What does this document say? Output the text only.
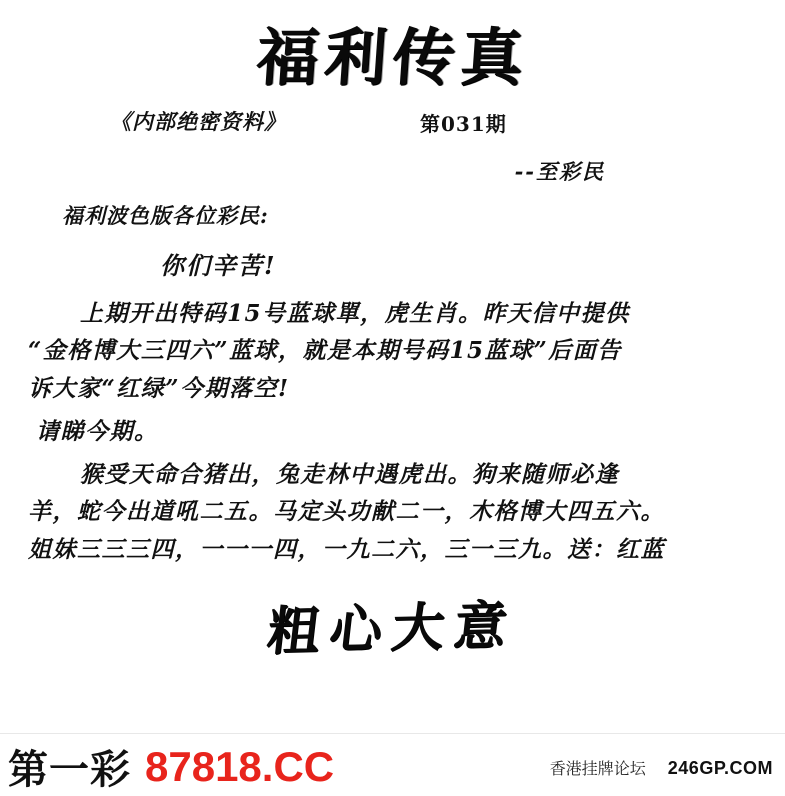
福利传真
《内部绝密资料》	第031期
--至彩民
福利波色版各位彩民:
你们辛苦!
上期开出特码15号蓝球單，虎生肖。昨天信中提供
“金格博大三四六”蓝球，就是本期号码15蓝球”后面告
诉大家“红绿”今期落空!
请睇今期。
猴受天命合猪出，兔走林中遇虎出。狗来随师必逢
羊，蛇今出道吼二五。马定头功献二一，木格博大四五六。
姐妹三三三四，一一一四，一九二六，三一三九。送：红蓝
粗心大意
第一彩 87818.CC	香港挂牌论坛 246GP.COM
